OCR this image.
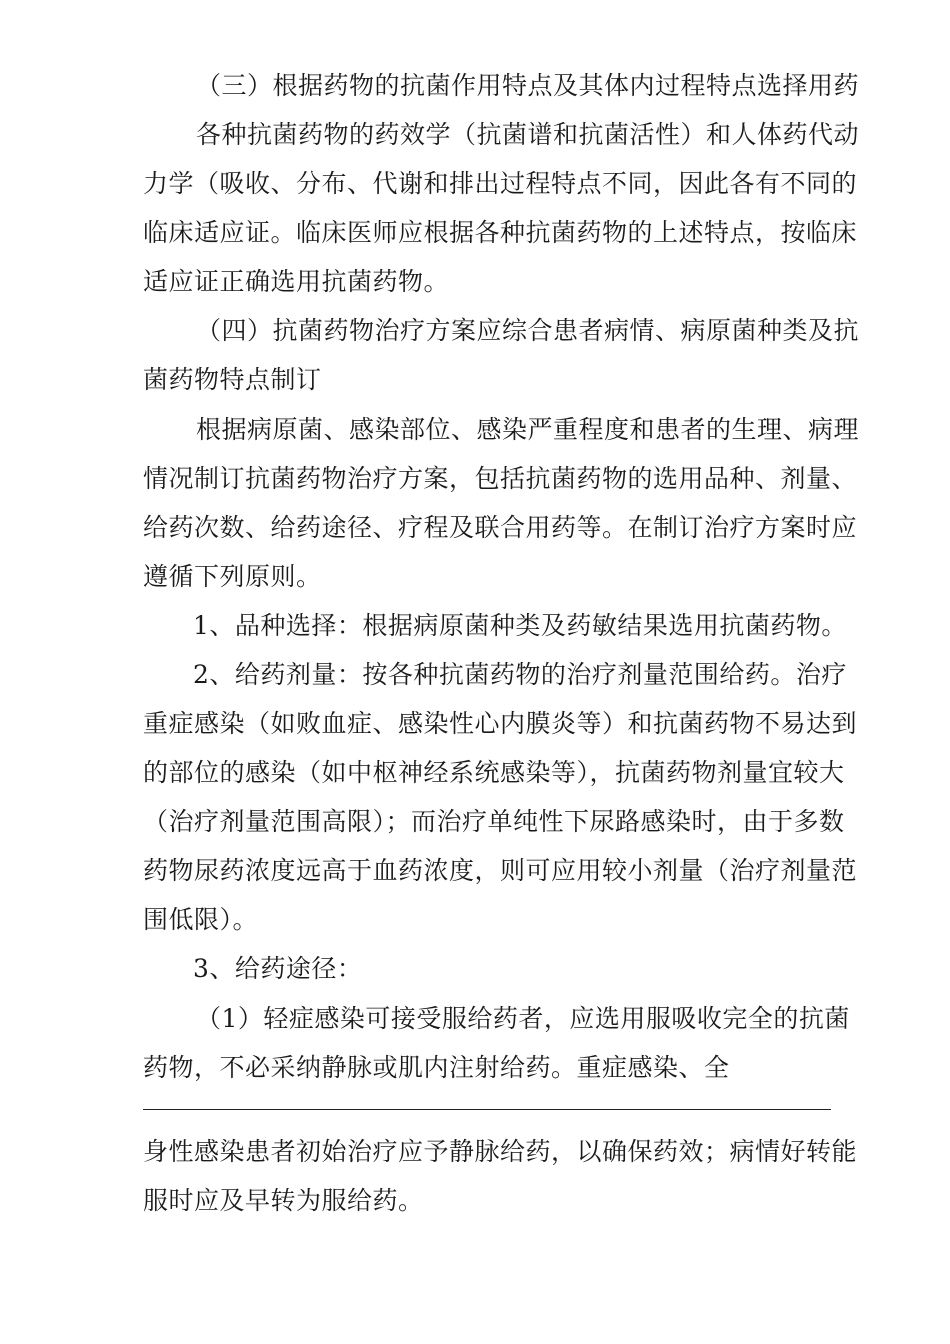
（三）根据药物的抗菌作用特点及其体内过程特点选择用药
各种抗菌药物的药效学（抗菌谱和抗菌活性）和人体药代动
力学（吸收、分布、代谢和排出过程特点不同，因此各有不同的
临床适应证。临床医师应根据各种抗菌药物的上述特点，按临床
适应证正确选用抗菌药物。
（四）抗菌药物治疗方案应综合患者病情、病原菌种类及抗
菌药物特点制订
根据病原菌、感染部位、感染严重程度和患者的生理、病理
情况制订抗菌药物治疗方案，包括抗菌药物的选用品种、剂量、
给药次数、给药途径、疗程及联合用药等。在制订治疗方案时应
遵循下列原则。
1、品种选择：根据病原菌种类及药敏结果选用抗菌药物。
2、给药剂量：按各种抗菌药物的治疗剂量范围给药。治疗
重症感染（如败血症、感染性心内膜炎等）和抗菌药物不易达到
的部位的感染（如中枢神经系统感染等），抗菌药物剂量宜较大
（治疗剂量范围高限）；而治疗单纯性下尿路感染时，由于多数
药物尿药浓度远高于血药浓度，则可应用较小剂量（治疗剂量范
围低限）。
3、给药途径：
（1）轻症感染可接受服给药者，应选用服吸收完全的抗菌
药物，不必采纳静脉或肌内注射给药。重症感染、全
身性感染患者初始治疗应予静脉给药，以确保药效；病情好转能
服时应及早转为服给药。
